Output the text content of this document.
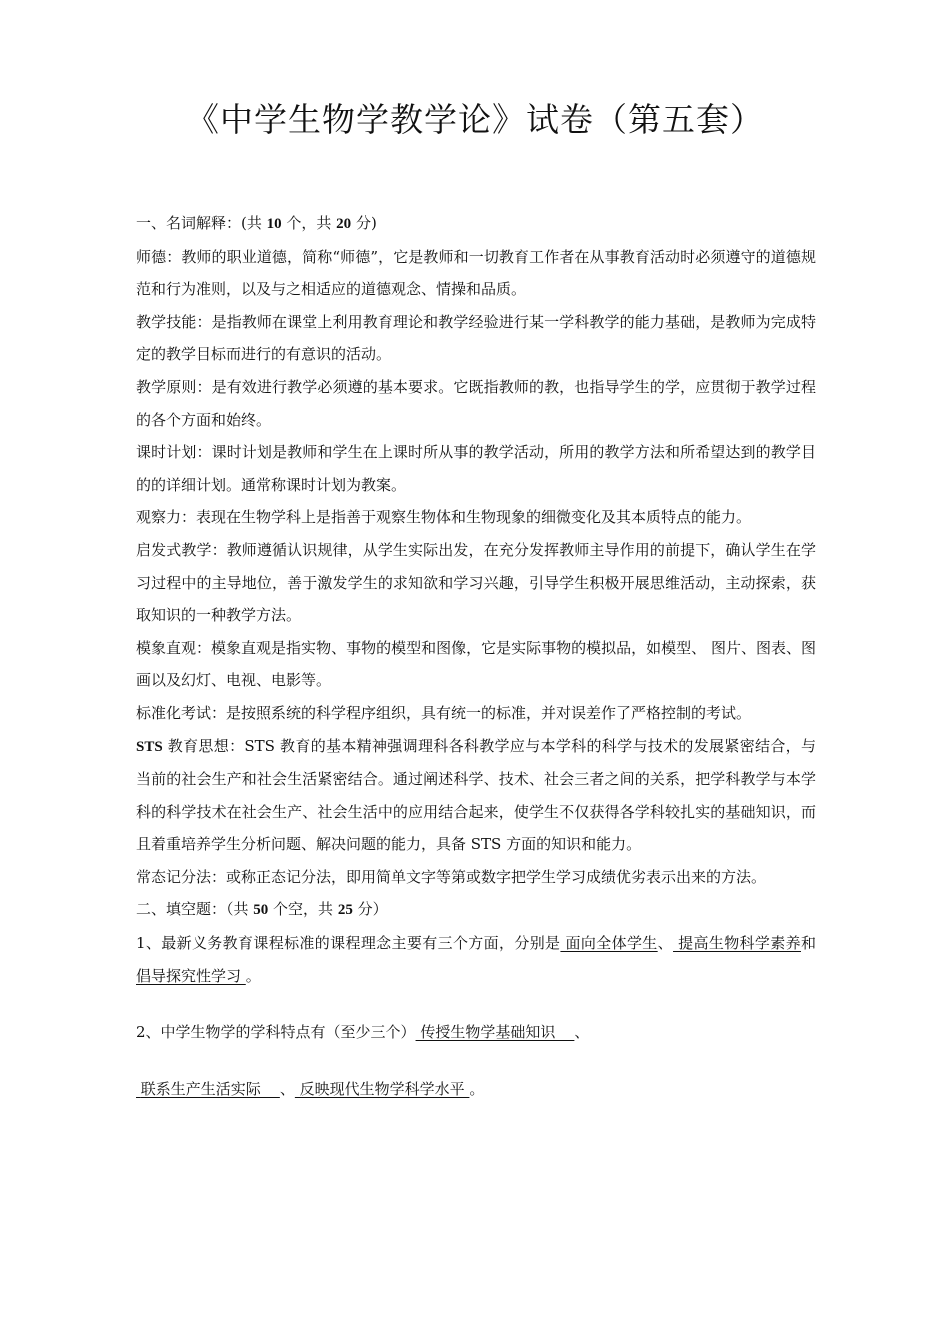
《中学生物学教学论》试卷（第五套）

一、名词解释：(共 10 个，共 20 分)

师德：教师的职业道德，简称“师德”，它是教师和一切教育工作者在从事教育活动时必须遵守的道德规范和行为准则，以及与之相适应的道德观念、情操和品质。

教学技能：是指教师在课堂上利用教育理论和教学经验进行某一学科教学的能力基础，是教师为完成特定的教学目标而进行的有意识的活动。

教学原则：是有效进行教学必须遵的基本要求。它既指教师的教，也指导学生的学，应贯彻于教学过程的各个方面和始终。

课时计划：课时计划是教师和学生在上课时所从事的教学活动，所用的教学方法和所希望达到的教学目的的详细计划。通常称课时计划为教案。

观察力：表现在生物学科上是指善于观察生物体和生物现象的细微变化及其本质特点的能力。

启发式教学：教师遵循认识规律，从学生实际出发，在充分发挥教师主导作用的前提下，确认学生在学习过程中的主导地位，善于激发学生的求知欲和学习兴趣，引导学生积极开展思维活动，主动探索，获取知识的一种教学方法。

模象直观：模象直观是指实物、事物的模型和图像，它是实际事物的模拟品，如模型、 图片、图表、图画以及幻灯、电视、电影等。

标准化考试：是按照系统的科学程序组织，具有统一的标准，并对误差作了严格控制的考试。

STS 教育思想：STS 教育的基本精神强调理科各科教学应与本学科的科学与技术的发展紧密结合，与当前的社会生产和社会生活紧密结合。通过阐述科学、技术、社会三者之间的关系，把学科教学与本学科的科学技术在社会生产、社会生活中的应用结合起来，使学生不仅获得各学科较扎实的基础知识，而且着重培养学生分析问题、解决问题的能力，具备 STS 方面的知识和能力。

常态记分法：或称正态记分法，即用简单文字等第或数字把学生学习成绩优劣表示出来的方法。

二、填空题：（共 50 个空，共 25 分）

1、最新义务教育课程标准的课程理念主要有三个方面，分别是 面向全体学生、 提高生物科学素养和 倡导探究性学习 。

2、中学生物学的学科特点有（至少三个） 传授生物学基础知识    、

联系生产生活实际    、 反映现代生物学科学水平 。
